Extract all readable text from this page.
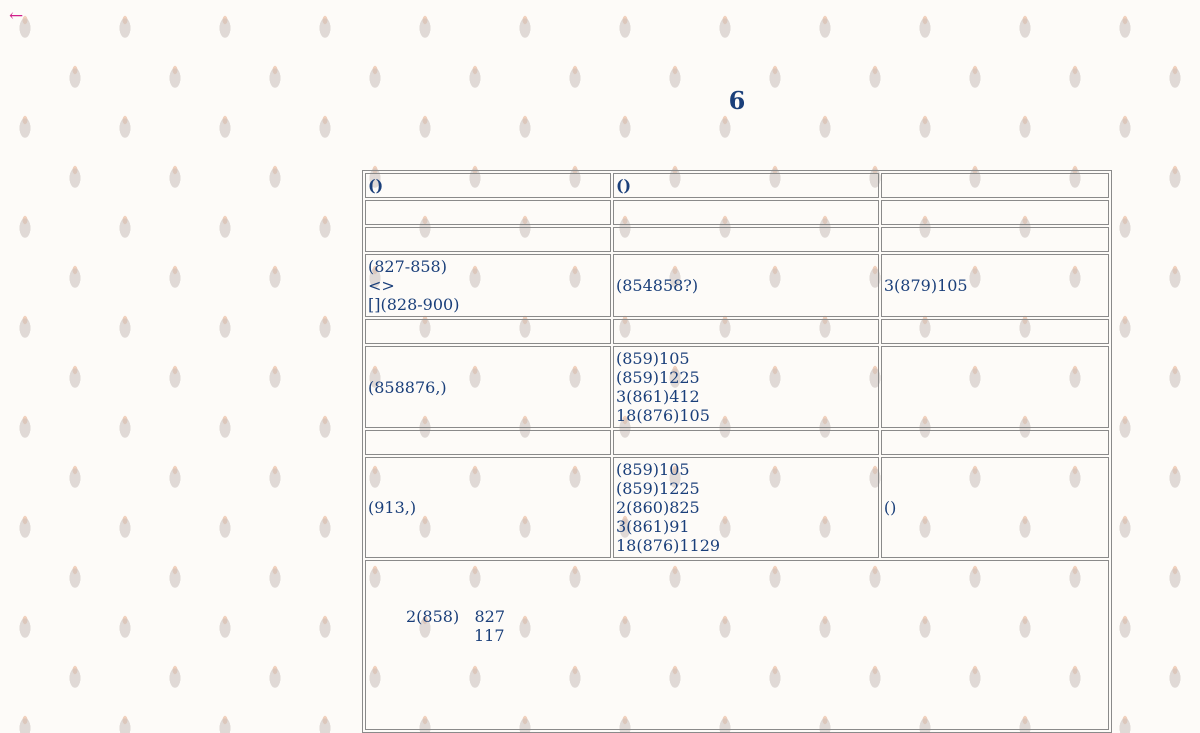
←
6
()	()	

(827-858)
<>
[](828-900)	(854858?)	3(879)105

(858876,)	(859)105
(859)1225
3(861)412
18(876)105	

(913,)	(859)105
(859)1225
2(860)825
3(861)91
18(876)1129	()

2(858) 827
117		
